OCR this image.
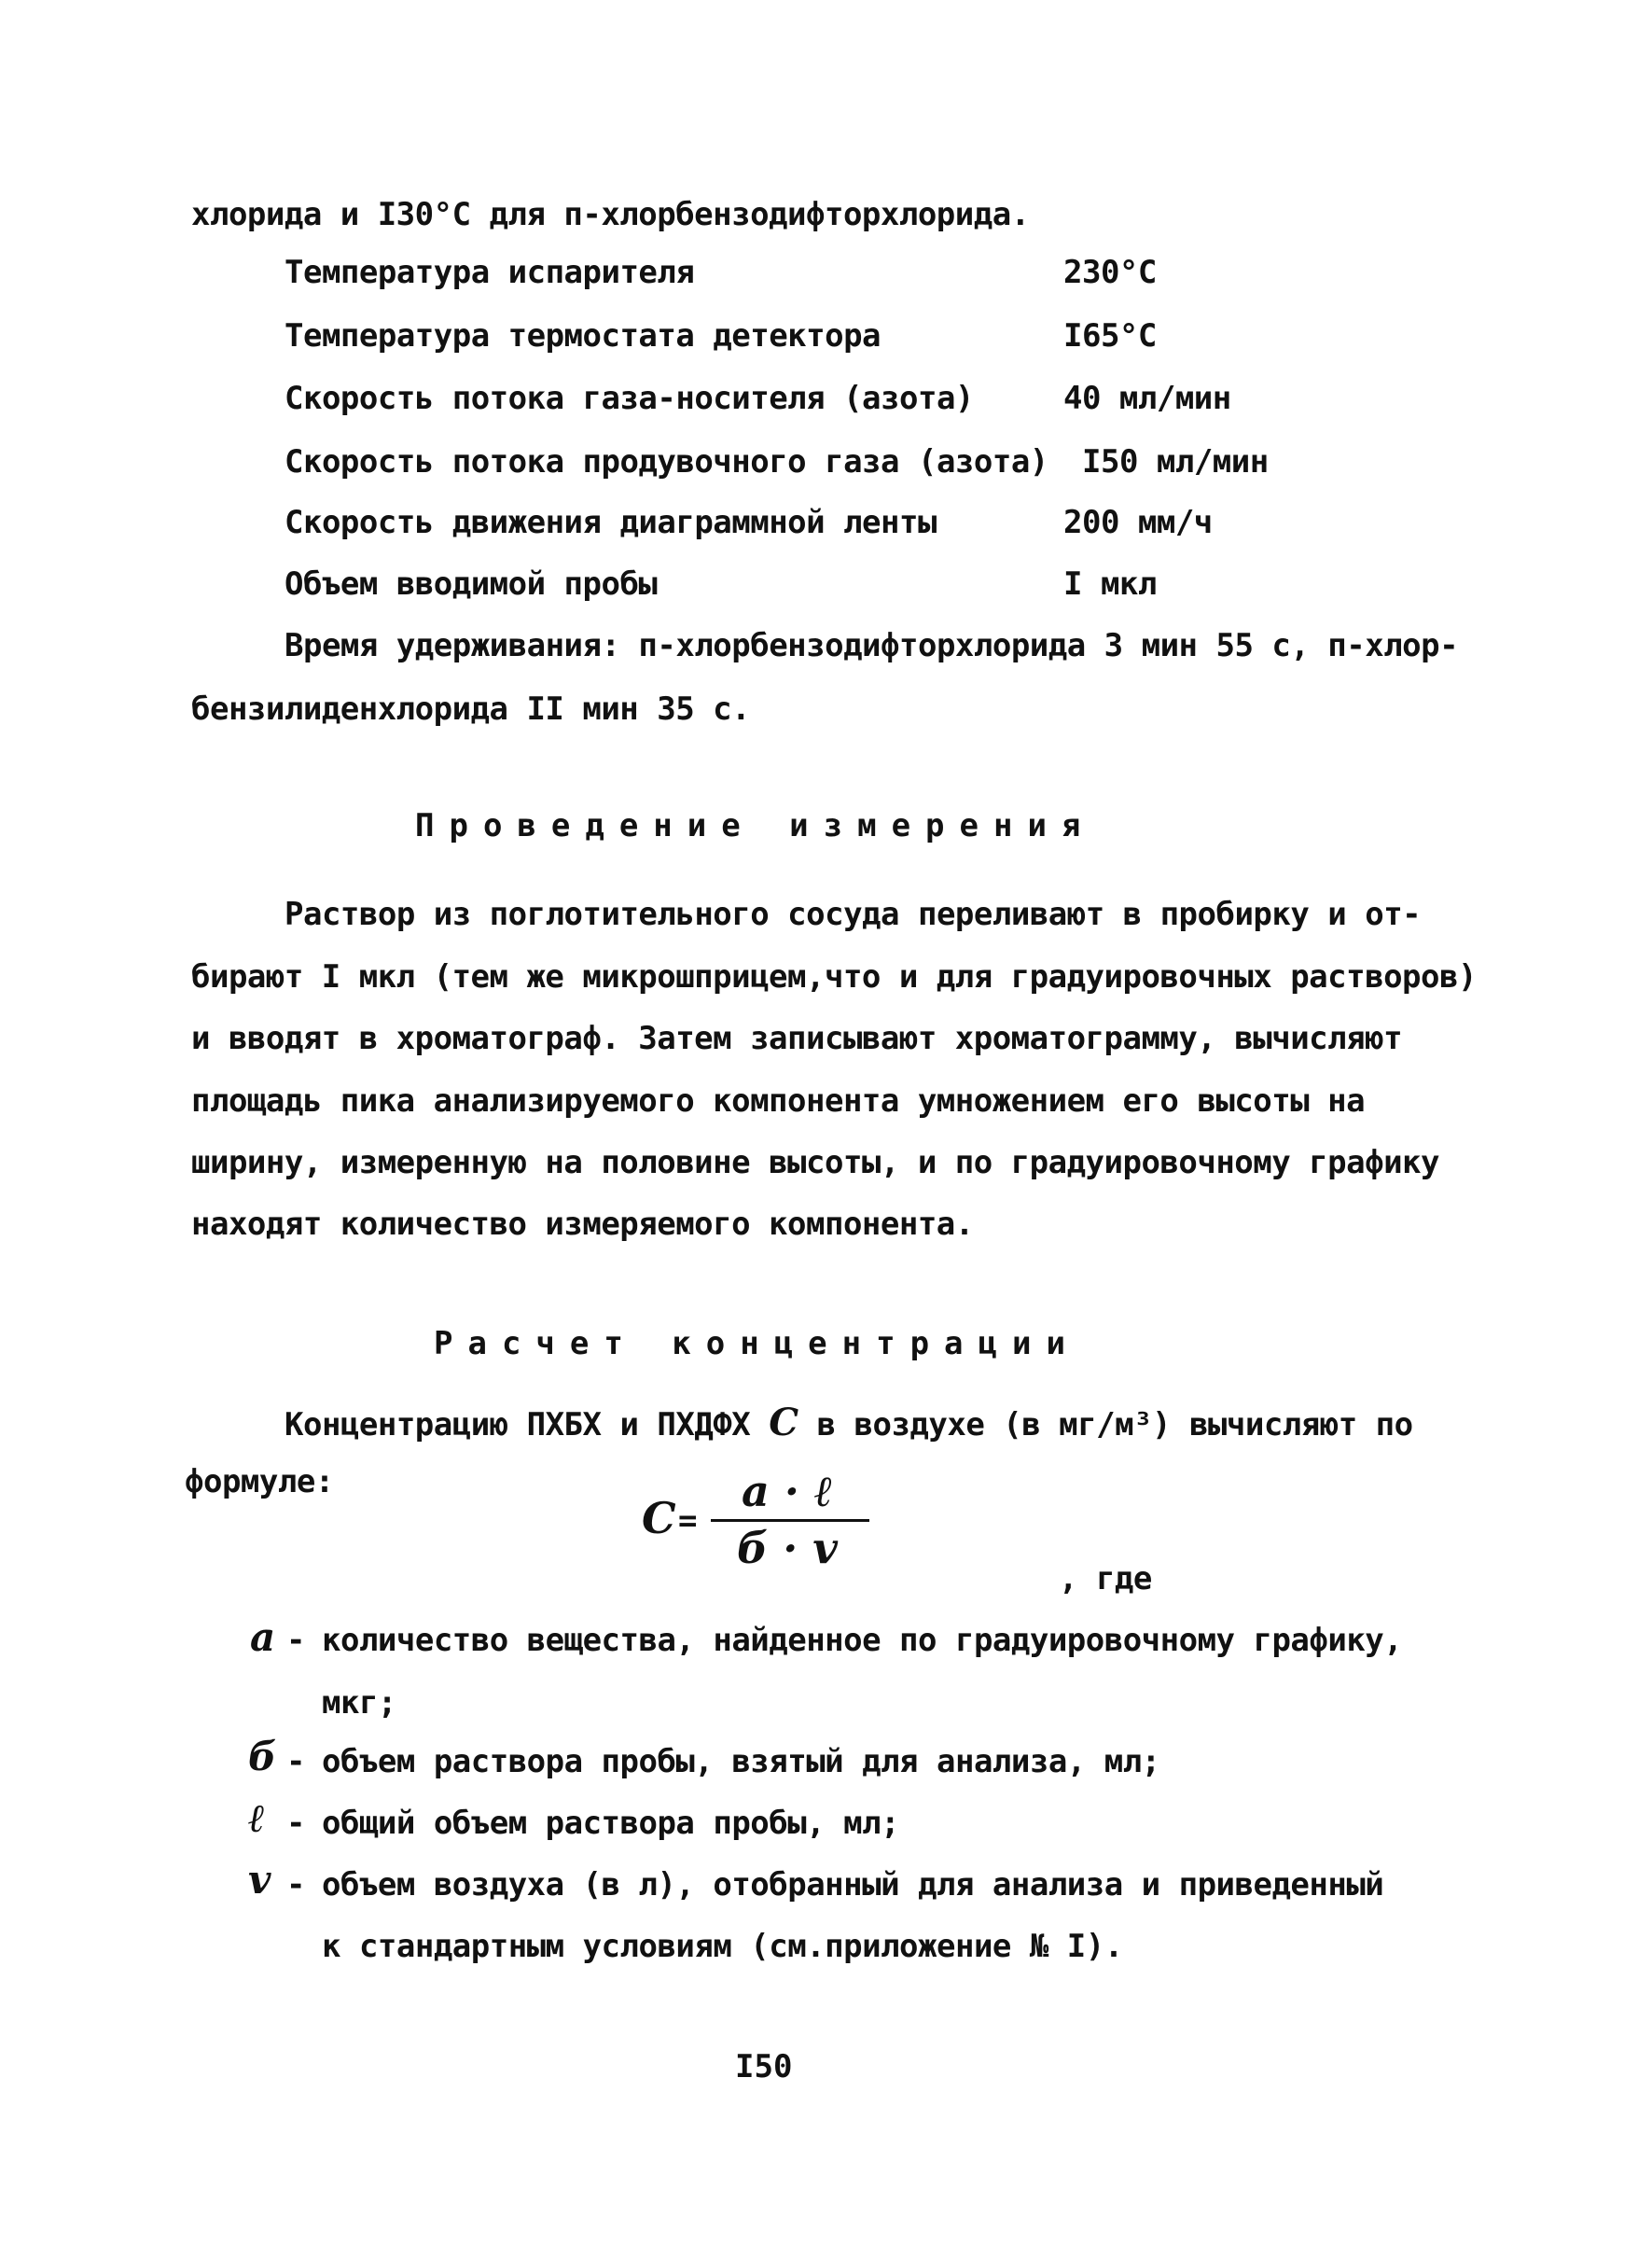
хлорида и I30°C для п-хлорбензодифторхлорида.
Температура испарителя	230°C
Температура термостата детектора	I65°C
Скорость потока газа-носителя (азота)	40 мл/мин
Скорость потока продувочного газа (азота) I50 мл/мин
Скорость движения диаграммной ленты	200 мм/ч
Объем вводимой пробы	I мкл
Время удерживания: п-хлорбензодифторхлорида 3 мин 55 с, п-хлор-
бензилиденхлорида II мин 35 с.
Проведение измерения
Раствор из поглотительного сосуда переливают в пробирку и от-
бирают I мкл (тем же микрошприцем,что и для градуировочных растворов)
и вводят в хроматограф. Затем записывают хроматограмму, вычисляют
площадь пика анализируемого компонента умножением его высоты на
ширину, измеренную на половине высоты, и по градуировочному графику
находят количество измеряемого компонента.
Расчет концентрации
Концентрацию ПХБХ и ПХДФХ C в воздухе (в мг/м³) вычисляют по
формуле:
C =
a · ℓ
б · v
, где
a - количество вещества, найденное по градуировочному графику,
мкг;
б - объем раствора пробы, взятый для анализа, мл;
ℓ - общий объем раствора пробы, мл;
v - объем воздуха (в л), отобранный для анализа и приведенный
к стандартным условиям (см.приложение № I).
I50
